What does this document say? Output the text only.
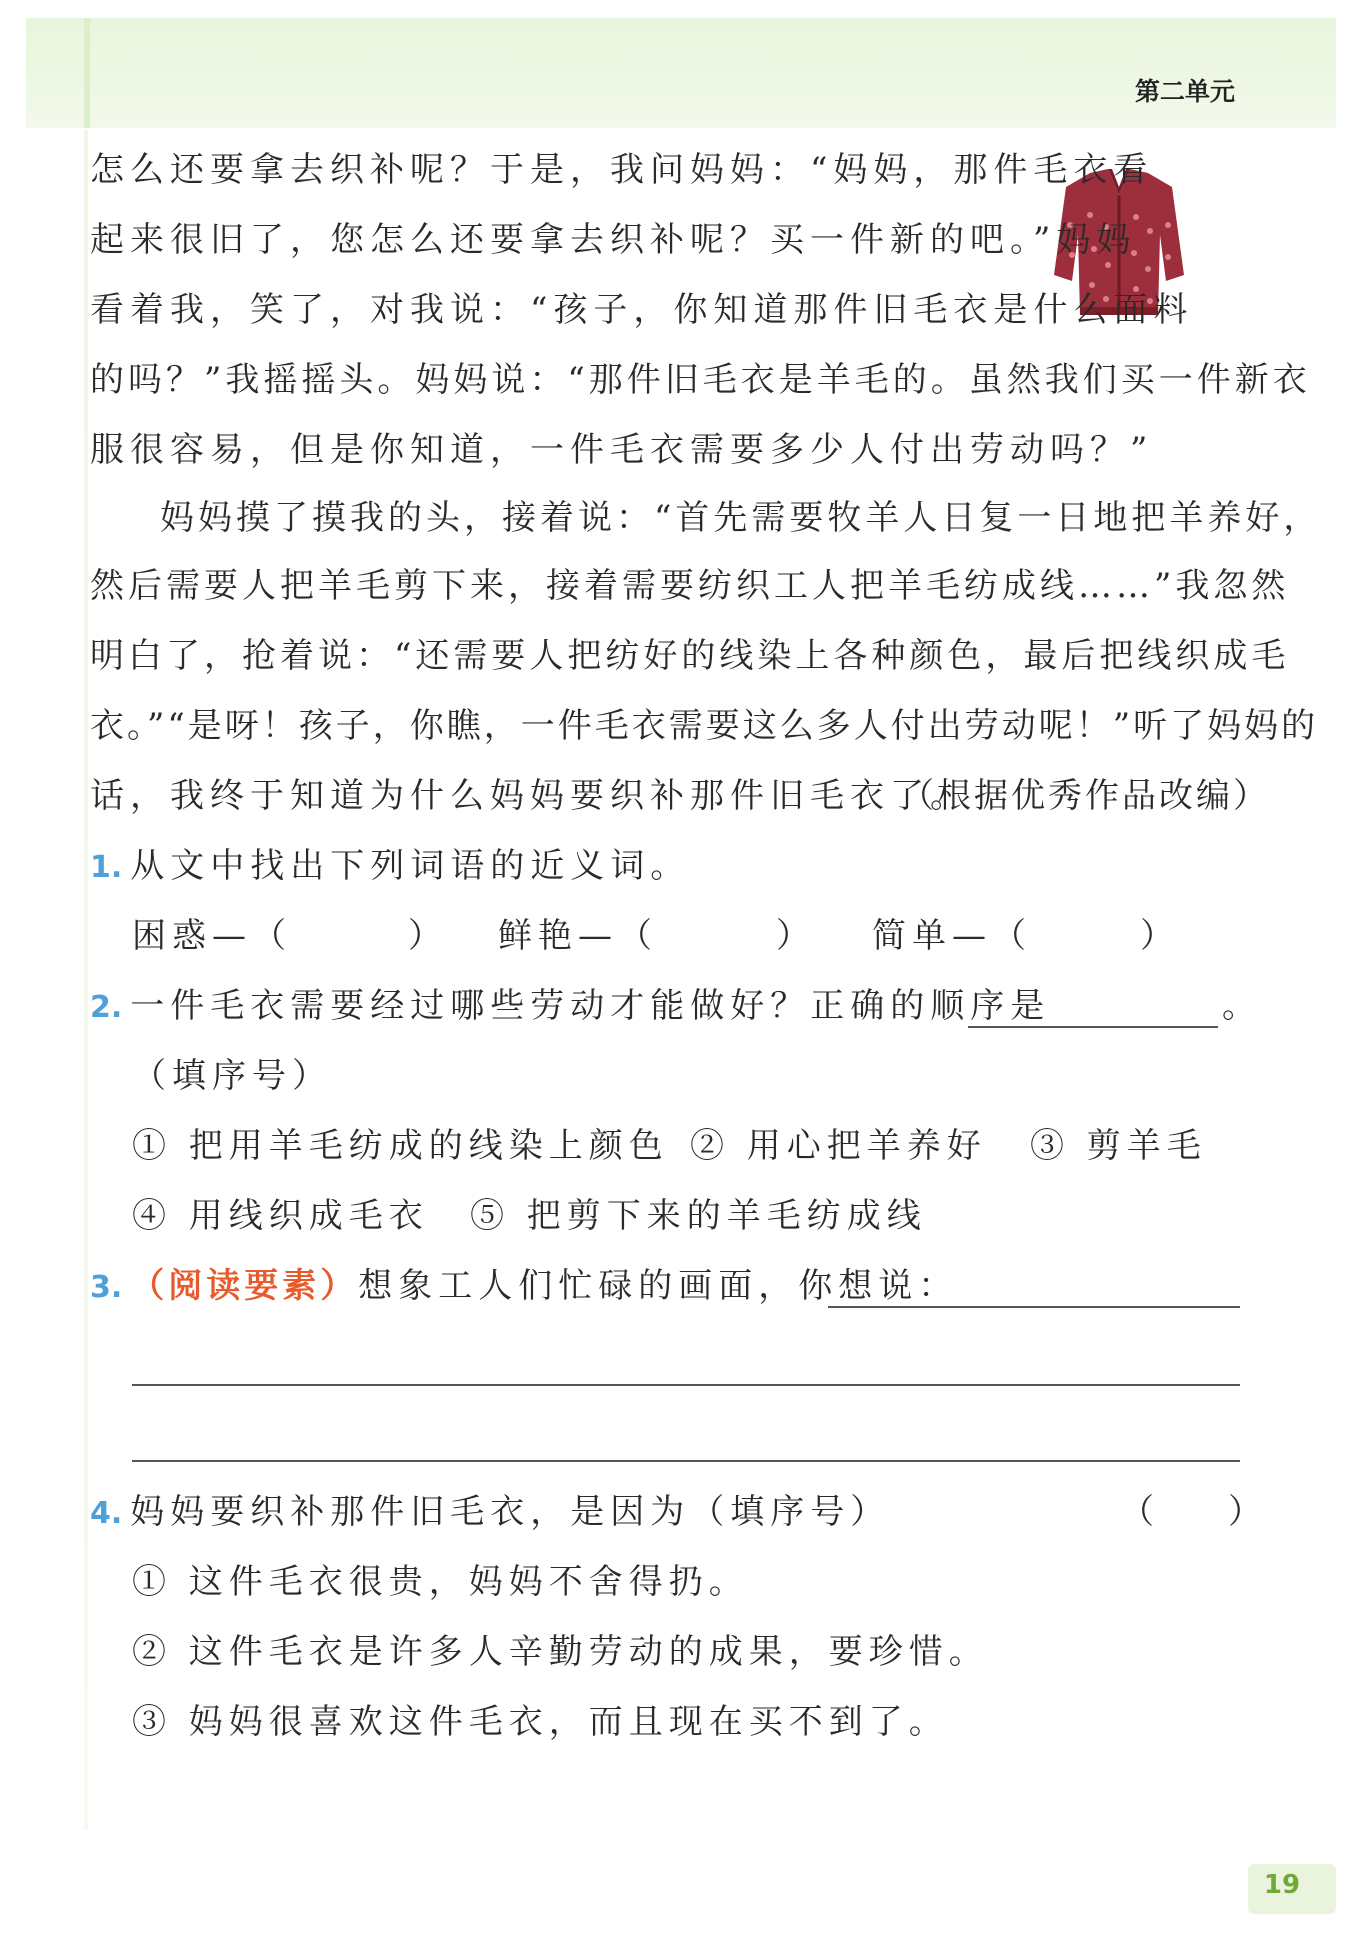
第二单元
怎么还要拿去织补呢？于是，我问妈妈：“妈妈，那件毛衣看
起来很旧了，您怎么还要拿去织补呢？买一件新的吧。”妈妈
看着我，笑了，对我说：“孩子，你知道那件旧毛衣是什么面料
的吗？”我摇摇头。妈妈说：“那件旧毛衣是羊毛的。虽然我们买一件新衣
服很容易，但是你知道，一件毛衣需要多少人付出劳动吗？”
妈妈摸了摸我的头，接着说：“首先需要牧羊人日复一日地把羊养好，
然后需要人把羊毛剪下来，接着需要纺织工人把羊毛纺成线……”我忽然
明白了，抢着说：“还需要人把纺好的线染上各种颜色，最后把线织成毛
衣。”“是呀！孩子，你瞧，一件毛衣需要这么多人付出劳动呢！”听了妈妈的
话，我终于知道为什么妈妈要织补那件旧毛衣了。
（根据优秀作品改编）
1. 从文中找出下列词语的近义词。
困惑—（	） 鲜艳—（	） 简单—（	）
2. 一件毛衣需要经过哪些劳动才能做好？正确的顺序是	。
（填序号）
① 把用羊毛纺成的线染上颜色 ② 用心把羊养好 ③ 剪羊毛
④ 用线织成毛衣 ⑤ 把剪下来的羊毛纺成线
3. （阅读要素）想象工人们忙碌的画面，你想说：
4. 妈妈要织补那件旧毛衣，是因为（填序号）	（　　）
① 这件毛衣很贵，妈妈不舍得扔。
② 这件毛衣是许多人辛勤劳动的成果，要珍惜。
③ 妈妈很喜欢这件毛衣，而且现在买不到了。
19
